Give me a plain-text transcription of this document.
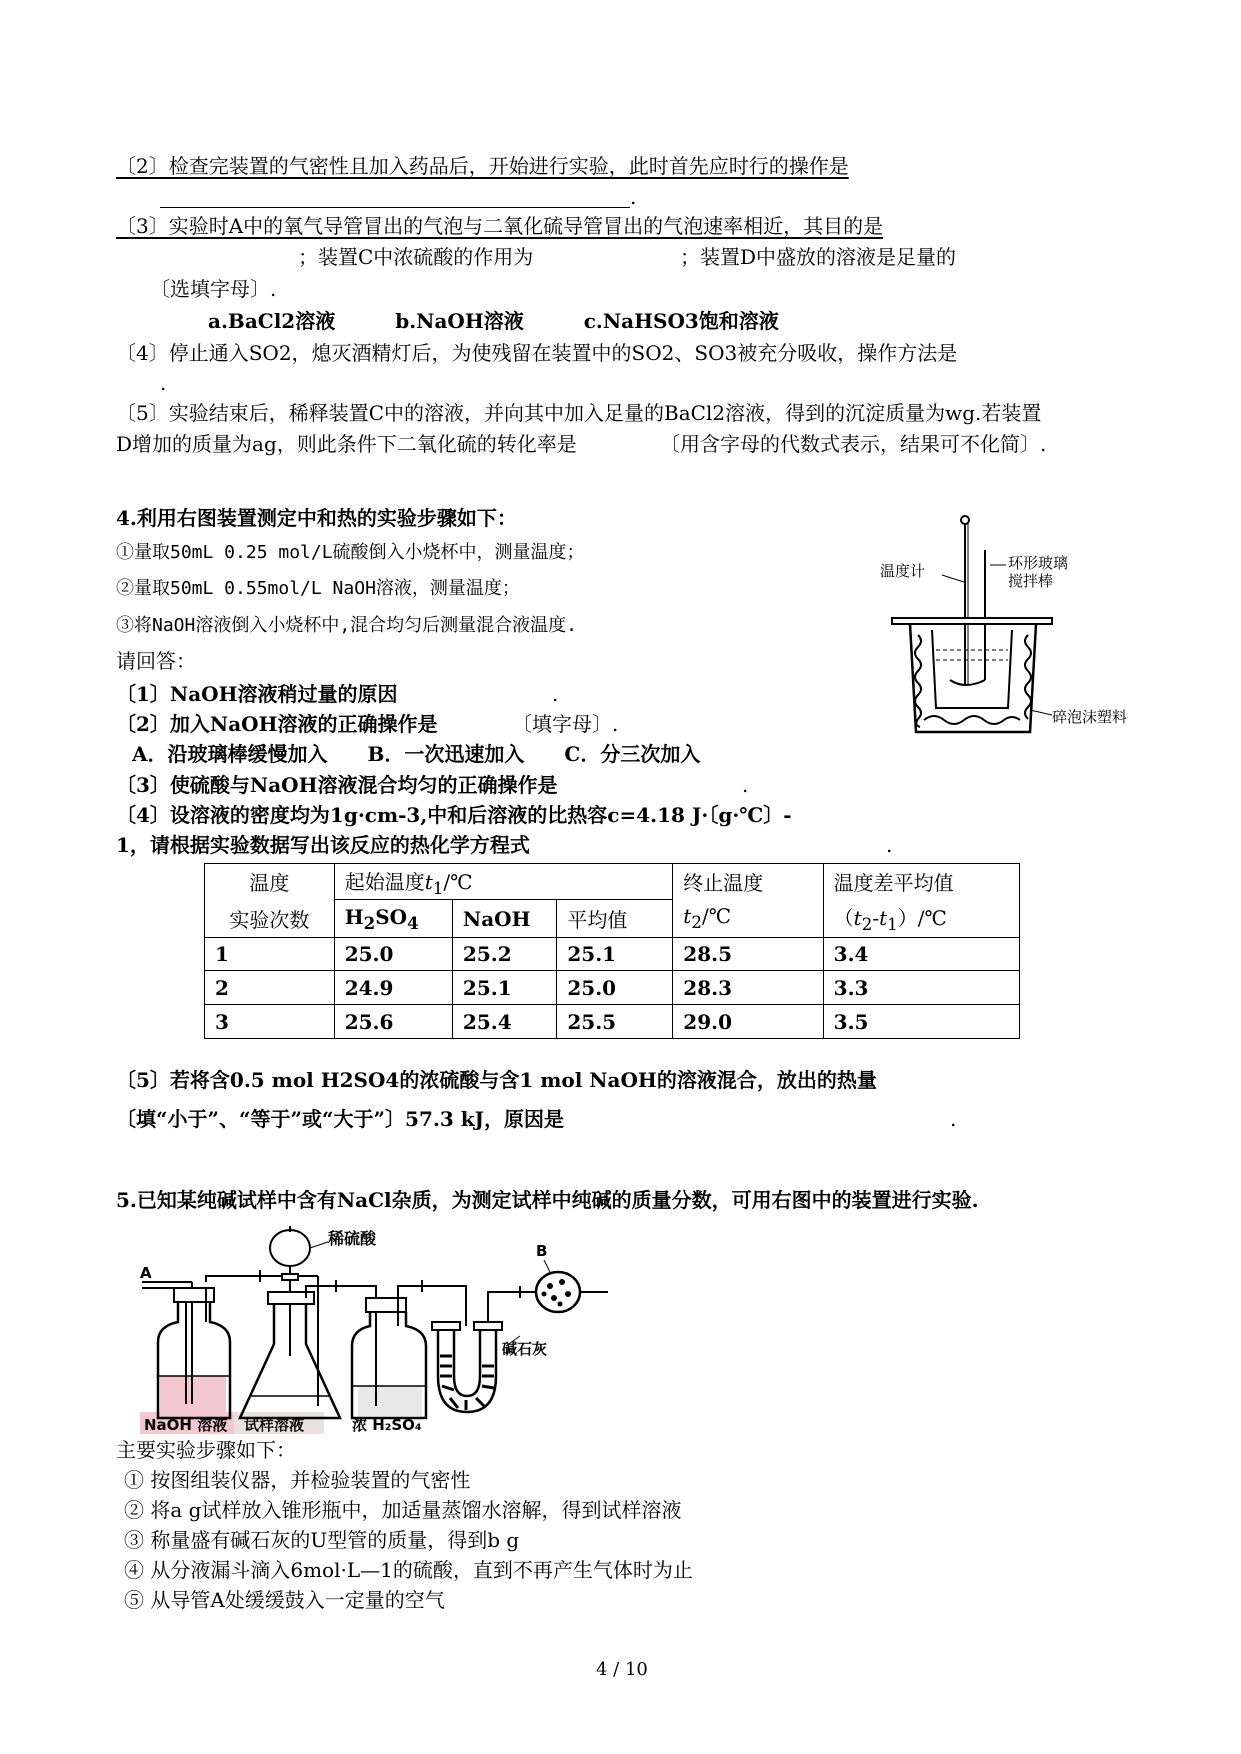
〔2〕检查完装置的气密性且加入药品后，开始进行实验，此时首先应时行的操作是
.
〔3〕实验时A中的氧气导管冒出的气泡与二氧化硫导管冒出的气泡速率相近，其目的是
；装置C中浓硫酸的作用为	；装置D中盛放的溶液是足量的
〔选填字母〕.
a.BaCl2溶液　　　b.NaOH溶液　　　c.NaHSO3饱和溶液
〔4〕停止通入SO2，熄灭酒精灯后，为使残留在装置中的SO2、SO3被充分吸收，操作方法是
.
〔5〕实验结束后，稀释装置C中的溶液，并向其中加入足量的BaCl2溶液，得到的沉淀质量为wg.若装置
D增加的质量为ag，则此条件下二氧化硫的转化率是	〔用含字母的代数式表示，结果可不化简〕.
4.利用右图装置测定中和热的实验步骤如下：
①量取50mL 0.25 mol/L硫酸倒入小烧杯中，测量温度；
②量取50mL 0.55mol/L NaOH溶液，测量温度；
③将NaOH溶液倒入小烧杯中,混合均匀后测量混合液温度.
请回答：
〔1〕NaOH溶液稍过量的原因	.
〔2〕加入NaOH溶液的正确操作是	〔填字母〕.
A．沿玻璃棒缓慢加入　　B．一次迅速加入　　C．分三次加入
〔3〕使硫酸与NaOH溶液混合均匀的正确操作是	.
〔4〕设溶液的密度均为1g·cm-3,中和后溶液的比热容c=4.18 J·〔g·℃〕-
1，请根据实验数据写出该反应的热化学方程式	.
温度计	环形玻璃
搅拌棒
碎泡沫塑料
温度	起始温度$t_1/℃$			终止温度	温度差平均值
实验次数	$H_2SO_4$	NaOH	平均值	$t_2/℃$	$(t_2-t_1)/℃$
1	25.0	25.2	25.1	28.5	3.4
2	24.9	25.1	25.0	28.3	3.3
3	25.6	25.4	25.5	29.0	3.5
〔5〕若将含0.5 mol H2SO4的浓硫酸与含1 mol NaOH的溶液混合，放出的热量
〔填“小于”、“等于”或“大于”〕57.3 kJ，原因是	.
5.已知某纯碱试样中含有NaCl杂质，为测定试样中纯碱的质量分数，可用右图中的装置进行实验.
A
B
稀硫酸
碱石灰
NaOH 溶液 试样溶液	浓 H₂SO₄
主要实验步骤如下：
① 按图组装仪器，并检验装置的气密性
② 将a g试样放入锥形瓶中，加适量蒸馏水溶解，得到试样溶液
③ 称量盛有碱石灰的U型管的质量，得到b g
④ 从分液漏斗滴入6mol·L—1的硫酸，直到不再产生气体时为止
⑤ 从导管A处缓缓鼓入一定量的空气
4 / 10
